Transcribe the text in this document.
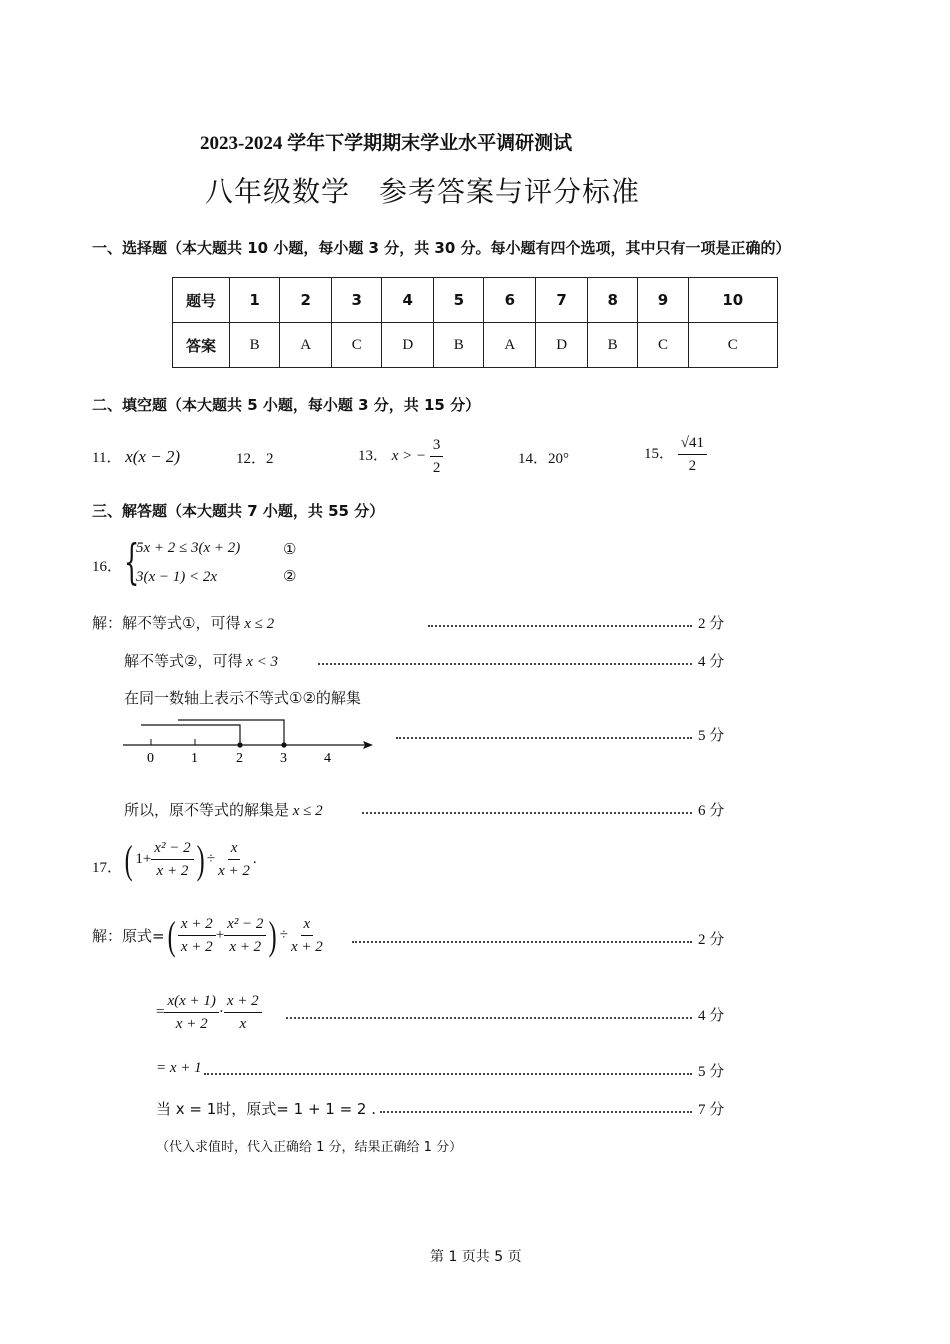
2023-2024 学年下学期期末学业水平调研测试
八年级数学　参考答案与评分标准
一、选择题（本大题共 10 小题，每小题 3 分，共 30 分。每小题有四个选项，其中只有一项是正确的）
题号	1	2	3	4	5	6	7	8	9	10
答案	B	A	C	D	B	A	D	B	C	C
二、填空题（本大题共 5 小题，每小题 3 分，共 15 分）
11． x(x − 2)	12．2	13． x > − $\frac{3}{2}$	14．20°	15． $\frac{√41}{2}$
三、解答题（本大题共 7 小题，共 55 分）
16． {
5x + 2 ≤ 3(x + 2)	①
3(x − 1) < 2x	②
解：解不等式①，可得 x ≤ 2	2 分
解不等式②，可得 x < 3	4 分
在同一数轴上表示不等式①②的解集
0	1	2	3	4
5 分
所以，原不等式的解集是 x ≤ 2	6 分
17． ( $1+ \frac{\text{x² − 2}}{x + 2}$ ) ÷ $\frac{x}{x + 2}$ .
解：原式=( $\frac{x + 2}{x + 2} + \frac{\text{x² − 2}}{x + 2}$ ) ÷ $\frac{x}{x + 2}$	2 分
= $\frac{x(x + 1)}{x + 2} \cdot \frac{x + 2}{x}$	4 分
= x + 1	5 分
当 x = 1时，原式= 1 + 1 = 2 .	7 分
（代入求值时，代入正确给 1 分，结果正确给 1 分）
第 1 页共 5 页
